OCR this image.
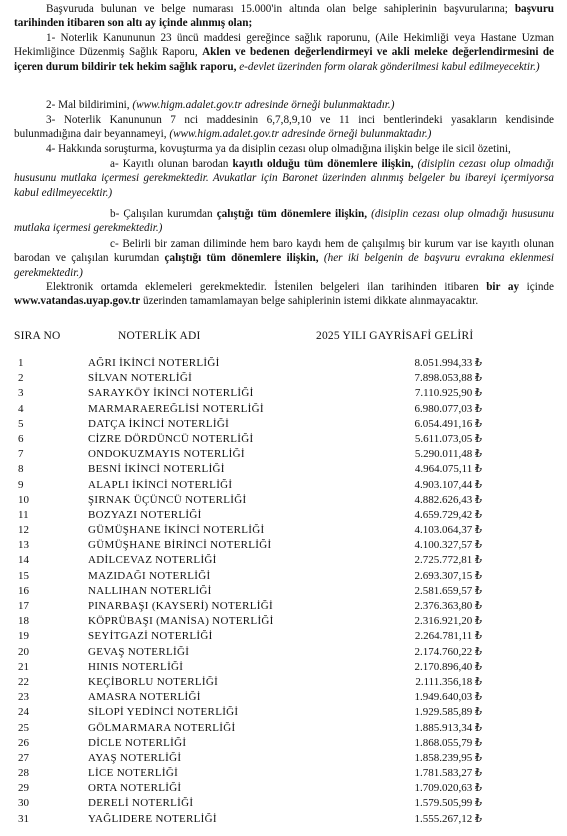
Başvuruda bulunan ve belge numarası 15.000'in altında olan belge sahiplerinin başvurularına; başvuru tarihinden itibaren son altı ay içinde alınmış olan;
1- Noterlik Kanununun 23 üncü maddesi gereğince sağlık raporunu, (Aile Hekimliği veya Hastane Uzman Hekimliğince Düzenmiş Sağlık Raporu, Aklen ve bedenen değerlendirmeyi ve akli meleke değerlendirmesini de içeren durum bildirir tek hekim sağlık raporu, e-devlet üzerinden form olarak gönderilmesi kabul edilmeyecektir.)
2- Mal bildirimini, (www.higm.adalet.gov.tr adresinde örneği bulunmaktadır.)
3- Noterlik Kanununun 7 nci maddesinin 6,7,8,9,10 ve 11 inci bentlerindeki yasakların kendisinde bulunmadığına dair beyannameyi, (www.higm.adalet.gov.tr adresinde örneği bulunmaktadır.)
4- Hakkında soruşturma, kovuşturma ya da disiplin cezası olup olmadığına ilişkin belge ile sicil özetini,
a- Kayıtlı olunan barodan kayıtlı olduğu tüm dönemlere ilişkin, (disiplin cezası olup olmadığı hususunu mutlaka içermesi gerekmektedir. Avukatlar için Baronet üzerinden alınmış belgeler bu ibareyi içermiyorsa kabul edilmeyecektir.)
b- Çalışılan kurumdan çalıştığı tüm dönemlere ilişkin, (disiplin cezası olup olmadığı hususunu mutlaka içermesi gerekmektedir.)
c- Belirli bir zaman diliminde hem baro kaydı hem de çalışılmış bir kurum var ise kayıtlı olunan barodan ve çalışılan kurumdan çalıştığı tüm dönemlere ilişkin, (her iki belgenin de başvuru evrakına eklenmesi gerekmektedir.)
Elektronik ortamda eklemeleri gerekmektedir. İstenilen belgeleri ilan tarihinden itibaren bir ay içinde www.vatandas.uyap.gov.tr üzerinden tamamlamayan belge sahiplerinin istemi dikkate alınmayacaktır.
SIRA NO	NOTERLİK ADI	2025 YILI GAYRİSAFİ GELİRİ
1	AĞRI İKİNCİ NOTERLİĞİ	8.051.994,33 ₺
2	SİLVAN NOTERLİĞİ	7.898.053,88 ₺
3	SARAYKÖY İKİNCİ NOTERLİĞİ	7.110.925,90 ₺
4	MARMARAEREĞLİSİ NOTERLİĞİ	6.980.077,03 ₺
5	DATÇA İKİNCİ NOTERLİĞİ	6.054.491,16 ₺
6	CİZRE DÖRDÜNCÜ NOTERLİĞİ	5.611.073,05 ₺
7	ONDOKUZMAYIS NOTERLİĞİ	5.290.011,48 ₺
8	BESNİ İKİNCİ NOTERLİĞİ	4.964.075,11 ₺
9	ALAPLI İKİNCİ NOTERLİĞİ	4.903.107,44 ₺
10	ŞIRNAK ÜÇÜNCÜ NOTERLİĞİ	4.882.626,43 ₺
11	BOZYAZI NOTERLİĞİ	4.659.729,42 ₺
12	GÜMÜŞHANE İKİNCİ NOTERLİĞİ	4.103.064,37 ₺
13	GÜMÜŞHANE BİRİNCİ NOTERLİĞİ	4.100.327,57 ₺
14	ADİLCEVAZ NOTERLİĞİ	2.725.772,81 ₺
15	MAZIDAĞI NOTERLİĞİ	2.693.307,15 ₺
16	NALLIHAN NOTERLİĞİ	2.581.659,57 ₺
17	PINARBAŞI (KAYSERİ) NOTERLİĞİ	2.376.363,80 ₺
18	KÖPRÜBAŞI (MANİSA) NOTERLİĞİ	2.316.921,20 ₺
19	SEYİTGAZİ NOTERLİĞİ	2.264.781,11 ₺
20	GEVAŞ NOTERLİĞİ	2.174.760,22 ₺
21	HINIS NOTERLİĞİ	2.170.896,40 ₺
22	KEÇİBORLU NOTERLİĞİ	2.111.356,18 ₺
23	AMASRA NOTERLİĞİ	1.949.640,03 ₺
24	SİLOPİ YEDİNCİ NOTERLİĞİ	1.929.585,89 ₺
25	GÖLMARMARA NOTERLİĞİ	1.885.913,34 ₺
26	DİCLE NOTERLİĞİ	1.868.055,79 ₺
27	AYAŞ NOTERLİĞİ	1.858.239,95 ₺
28	LİCE NOTERLİĞİ	1.781.583,27 ₺
29	ORTA NOTERLİĞİ	1.709.020,63 ₺
30	DERELİ NOTERLİĞİ	1.579.505,99 ₺
31	YAĞLIDERE NOTERLİĞİ	1.555.267,12 ₺
